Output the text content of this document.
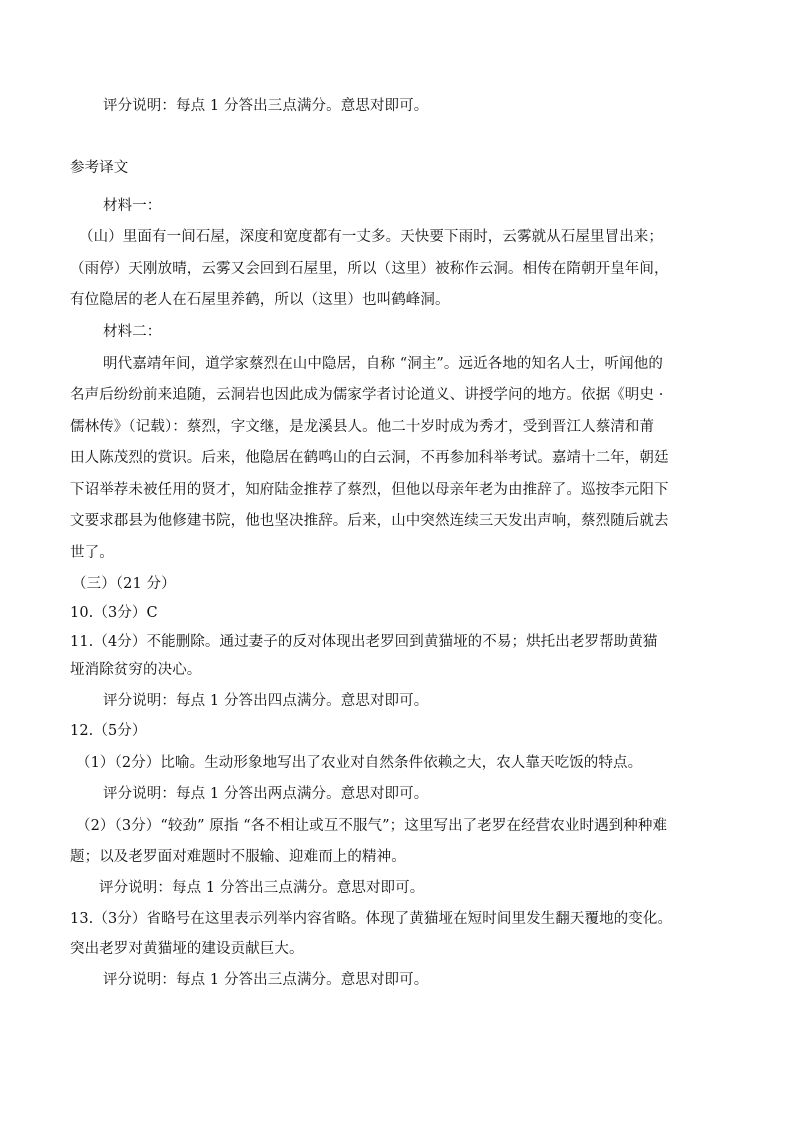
评分说明：每点 1 分答出三点满分。意思对即可。
参考译文
材料一：
（山）里面有一间石屋，深度和宽度都有一丈多。天快要下雨时，云雾就从石屋里冒出来；
（雨停）天刚放晴，云雾又会回到石屋里，所以（这里）被称作云洞。相传在隋朝开皇年间，
有位隐居的老人在石屋里养鹤，所以（这里）也叫鹤峰洞。
材料二：
明代嘉靖年间，道学家蔡烈在山中隐居，自称 “洞主”。远近各地的知名人士，听闻他的
名声后纷纷前来追随，云洞岩也因此成为儒家学者讨论道义、讲授学问的地方。依据《明史 ·
儒林传》（记载）：蔡烈，字文继，是龙溪县人。他二十岁时成为秀才，受到晋江人蔡清和莆
田人陈茂烈的赏识。后来，他隐居在鹤鸣山的白云洞，不再参加科举考试。嘉靖十二年，朝廷
下诏举荐未被任用的贤才，知府陆金推荐了蔡烈，但他以母亲年老为由推辞了。巡按李元阳下
文要求郡县为他修建书院，他也坚决推辞。后来，山中突然连续三天发出声响，蔡烈随后就去
世了。
（三）（21 分）
10.（3分）C
11.（4分）不能删除。通过妻子的反对体现出老罗回到黄猫垭的不易；烘托出老罗帮助黄猫
垭消除贫穷的决心。
评分说明：每点 1 分答出四点满分。意思对即可。
12.（5分）
（1）（2分）比喻。生动形象地写出了农业对自然条件依赖之大，农人靠天吃饭的特点。
评分说明：每点 1 分答出两点满分。意思对即可。
（2）（3分）“较劲” 原指 “各不相让或互不服气”；这里写出了老罗在经营农业时遇到种种难
题；以及老罗面对难题时不服输、迎难而上的精神。
评分说明：每点 1 分答出三点满分。意思对即可。
13.（3分）省略号在这里表示列举内容省略。体现了黄猫垭在短时间里发生翻天覆地的变化。
突出老罗对黄猫垭的建设贡献巨大。
评分说明：每点 1 分答出三点满分。意思对即可。
